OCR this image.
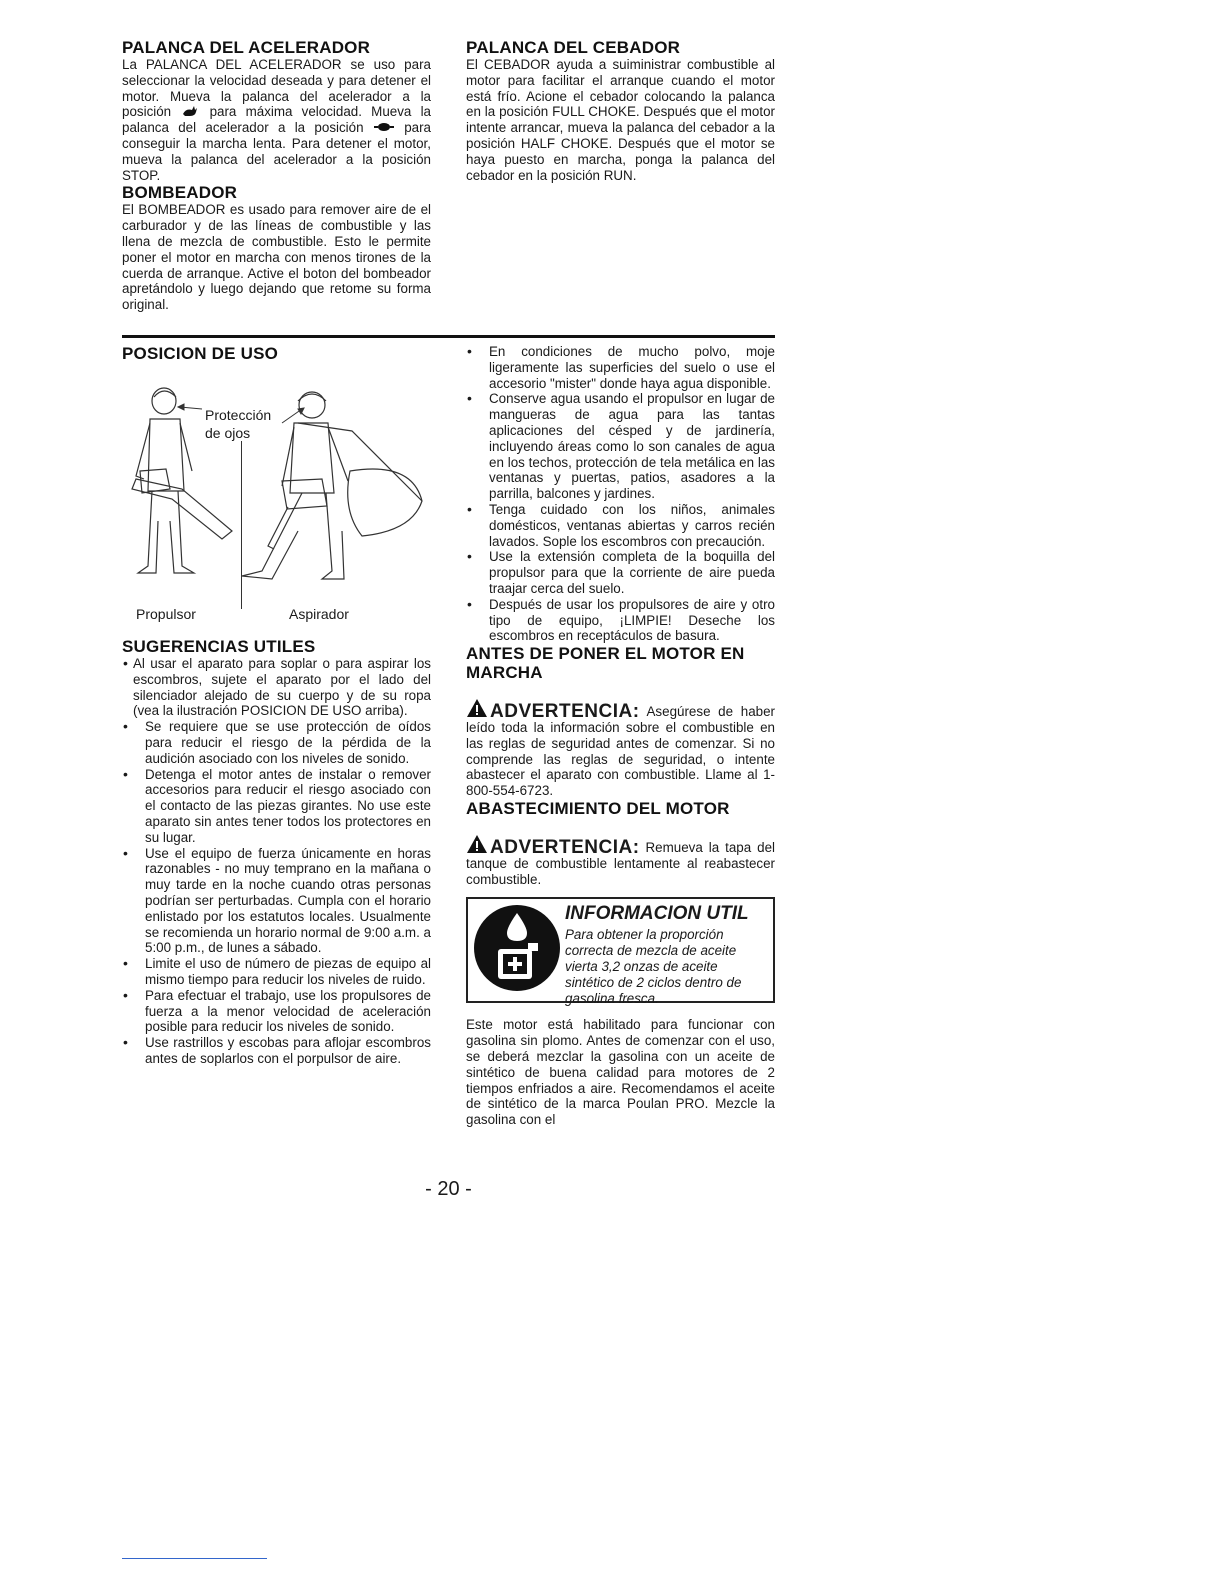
PALANCA DEL ACELERADOR

La PALANCA DEL ACELERADOR se uso para seleccionar la velocidad deseada y para detener el motor. Mueva la palanca del acelerador a la posición	para máxima velocidad. Mueva la palanca del acelerador a la posición	para conseguir la marcha lenta. Para detener el motor, mueva la palanca del acelerador a la posición STOP.

BOMBEADOR

El BOMBEADOR es usado para remover aire de el carburador y de las líneas de combustible y las llena de mezcla de combustible. Esto le permite poner el motor en marcha con menos tirones de la cuerda de arranque. Active el boton del bombeador apretándolo y luego dejando que retome su forma original.

PALANCA DEL CEBADOR

El CEBADOR ayuda a suiministrar combustible al motor para facilitar el arranque cuando el motor está frío. Acione el cebador colocando la palanca en la posición FULL CHOKE. Después que el motor intente arrancar, mueva la palanca del cebador a la posición HALF CHOKE. Después que el motor se haya puesto en marcha, ponga la palanca del cebador en la posición RUN.

POSICION DE USO
Protección
de ojos
Propulsor	Aspirador
SUGERENCIAS UTILES
• Al usar el aparato para soplar o para aspirar los escombros, sujete el aparato por el lado del silenciador alejado de su cuerpo y de su ropa (vea la ilustración POSICION DE USO arriba).
• Se requiere que se use protección de oídos para reducir el riesgo de la pérdida de la audición asociado con los niveles de sonido.
• Detenga el motor antes de instalar o remover accesorios para reducir el riesgo asociado con el contacto de las piezas girantes. No use este aparato sin antes tener todos los protectores en su lugar.
• Use el equipo de fuerza únicamente en horas razonables - no muy temprano en la mañana o muy tarde en la noche cuando otras personas podrían ser perturbadas. Cumpla con el horario enlistado por los estatutos locales. Usualmente se recomienda un horario normal de 9:00 a.m. a 5:00 p.m., de lunes a sábado.
• Limite el uso de número de piezas de equipo al mismo tiempo para reducir los niveles de ruido.
• Para efectuar el trabajo, use los propulsores de fuerza a la menor velocidad de aceleración posible para reducir los niveles de sonido.
• Use rastrillos y escobas para aflojar escombros antes de soplarlos con el porpulsor de aire.
• En condiciones de mucho polvo, moje ligeramente las superficies del suelo o use el accesorio "mister" donde haya agua disponible.
• Conserve agua usando el propulsor en lugar de mangueras de agua para las tantas aplicaciones del césped y de jardinería, incluyendo áreas como lo son canales de agua en los techos, protección de tela metálica en las ventanas y puertas, patios, asadores a la parrilla, balcones y jardines.
• Tenga cuidado con los niños, animales domésticos, ventanas abiertas y carros recién lavados. Sople los escombros con precaución.
• Use la extensión completa de la boquilla del propulsor para que la corriente de aire pueda traajar cerca del suelo.
• Después de usar los propulsores de aire y otro tipo de equipo, ¡LIMPIE! Deseche los escombros en receptáculos de basura.
ANTES DE PONER EL MOTOR EN MARCHA

ADVERTENCIA: Asegúrese de haber leído toda la información sobre el combustible en las reglas de seguridad antes de comenzar. Si no comprende las reglas de seguridad, o intente abastecer el aparato con combustible. Llame al 1-800-554-6723.

ABASTECIMIENTO DEL MOTOR

ADVERTENCIA: Remueva la tapa del tanque de combustible lentamente al reabastecer combustible.

INFORMACION UTIL
Para obtener la proporción correcta de mezcla de aceite vierta 3,2 onzas de aceite sintético de 2 ciclos dentro de gasolina fresca.

Este motor está habilitado para funcionar con gasolina sin plomo. Antes de comenzar con el uso, se deberá mezclar la gasolina con un aceite de sintético de buena calidad para motores de 2 tiempos enfriados a aire. Recomendamos el aceite de sintético de la marca Poulan PRO. Mezcle la gasolina con el

- 20 -
